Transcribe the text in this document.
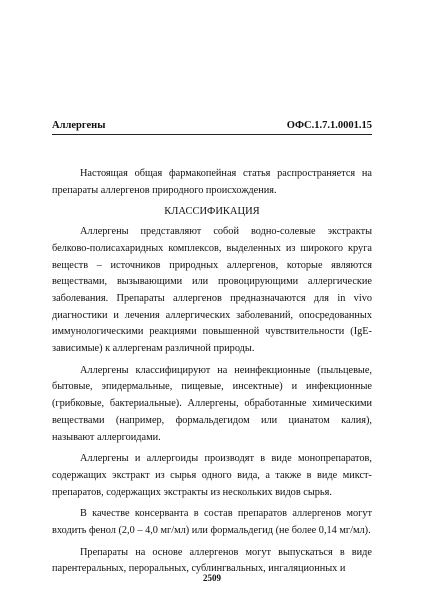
Аллергены	ОФС.1.7.1.0001.15

Настоящая общая фармакопейная статья распространяется на препараты аллергенов природного происхождения.

КЛАССИФИКАЦИЯ

Аллергены представляют собой водно-солевые экстракты белково-полисахаридных комплексов, выделенных из широкого круга веществ – источников природных аллергенов, которые являются веществами, вызывающими или провоцирующими аллергические заболевания. Препараты аллергенов предназначаются для in vivo диагностики и лечения аллергических заболеваний, опосредованных иммунологическими реакциями повышенной чувствительности (IgE-зависимые) к аллергенам различной природы.

Аллергены классифицируют на неинфекционные (пыльцевые, бытовые, эпидермальные, пищевые, инсектные) и инфекционные (грибковые, бактериальные). Аллергены, обработанные химическими веществами (например, формальдегидом или цианатом калия), называют аллергоидами.

Аллергены и аллергоиды производят в виде монопрепаратов, содержащих экстракт из сырья одного вида, а также в виде микст-препаратов, содержащих экстракты из нескольких видов сырья.

В качестве консерванта в состав препаратов аллергенов могут входить фенол (2,0 – 4,0 мг/мл) или формальдегид (не более 0,14 мг/мл).

Препараты на основе аллергенов могут выпускаться в виде парентеральных, пероральных, сублингвальных, ингаляционных и

2509
